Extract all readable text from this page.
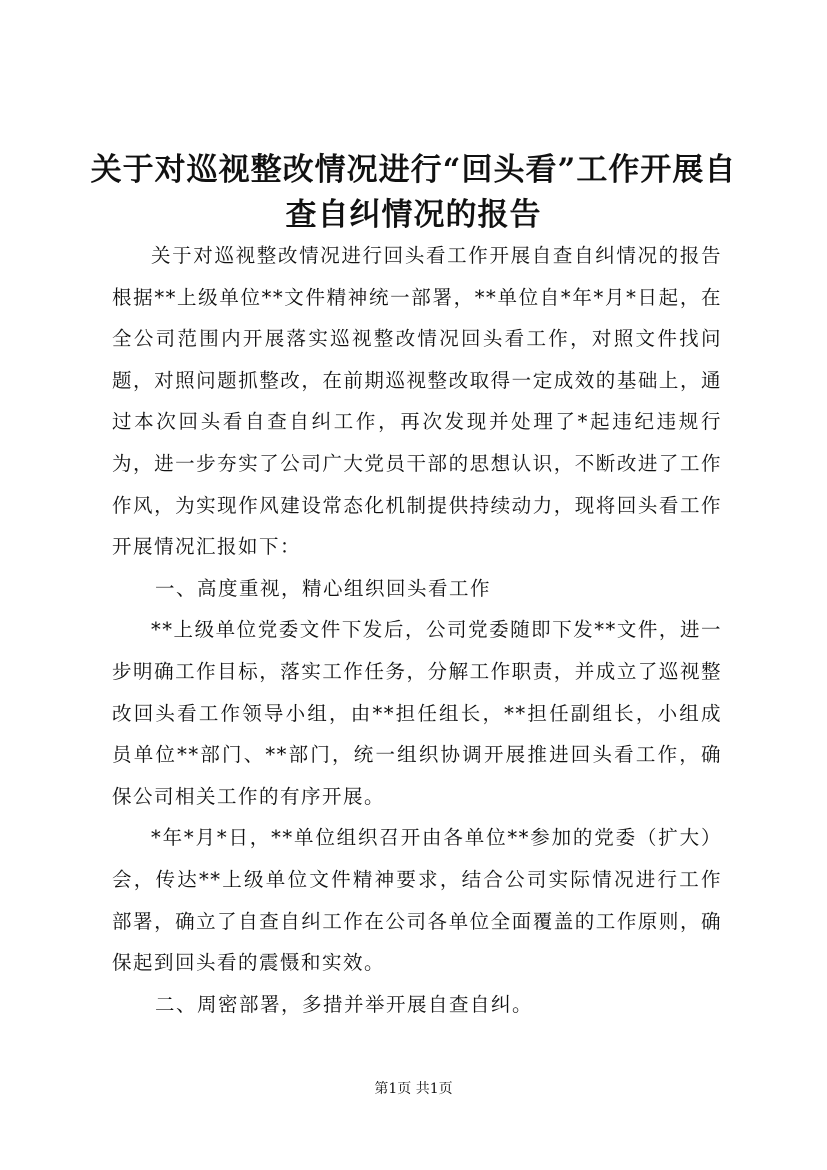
关于对巡视整改情况进行“回头看”工作开展自查自纠情况的报告

关于对巡视整改情况进行回头看工作开展自查自纠情况的报告根据**上级单位**文件精神统一部署，**单位自*年*月*日起，在全公司范围内开展落实巡视整改情况回头看工作，对照文件找问题，对照问题抓整改，在前期巡视整改取得一定成效的基础上，通过本次回头看自查自纠工作，再次发现并处理了*起违纪违规行为，进一步夯实了公司广大党员干部的思想认识，不断改进了工作作风，为实现作风建设常态化机制提供持续动力，现将回头看工作开展情况汇报如下：

一、高度重视，精心组织回头看工作

**上级单位党委文件下发后，公司党委随即下发**文件，进一步明确工作目标，落实工作任务，分解工作职责，并成立了巡视整改回头看工作领导小组，由**担任组长，**担任副组长，小组成员单位**部门、**部门，统一组织协调开展推进回头看工作，确保公司相关工作的有序开展。

*年*月*日，**单位组织召开由各单位**参加的党委（扩大）会，传达**上级单位文件精神要求，结合公司实际情况进行工作部署，确立了自查自纠工作在公司各单位全面覆盖的工作原则，确保起到回头看的震慑和实效。

二、周密部署，多措并举开展自查自纠。

第1页 共1页
